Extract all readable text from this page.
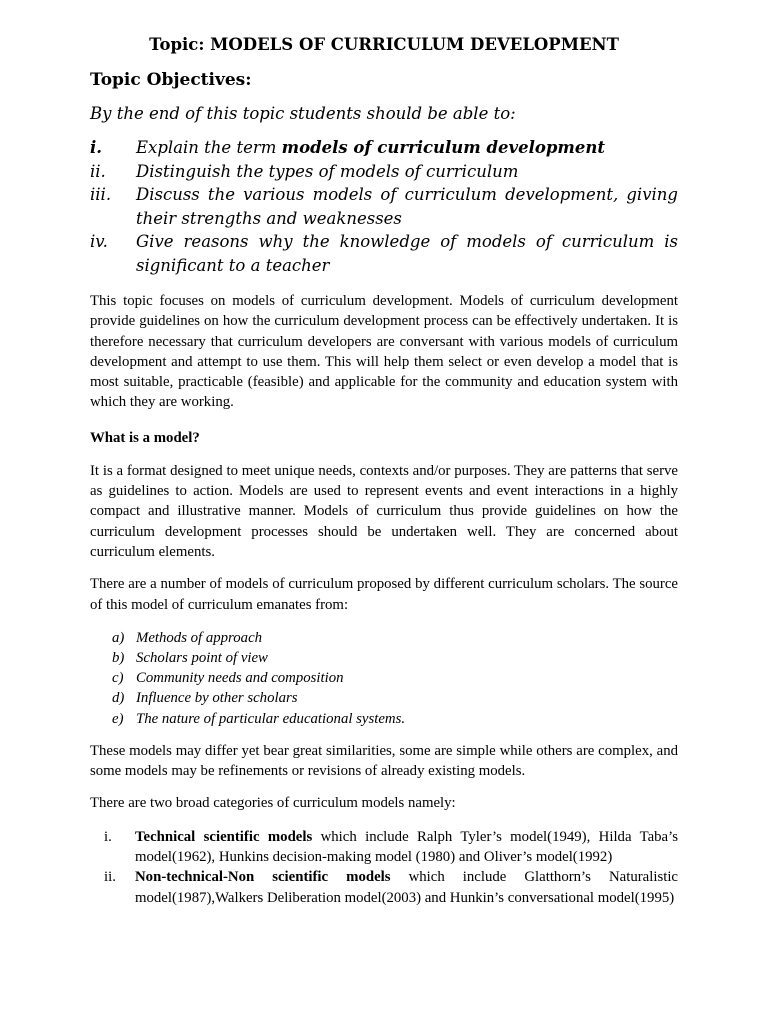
Topic: MODELS OF CURRICULUM DEVELOPMENT
Topic Objectives:

By the end of this topic students should be able to:

i.	Explain the term models of curriculum development
ii.	Distinguish the types of models of curriculum
iii.	Discuss the various models of curriculum development, giving their strengths and weaknesses
iv.	Give reasons why the knowledge of models of curriculum is significant to a teacher

This topic focuses on models of curriculum development. Models of curriculum development provide guidelines on how the curriculum development process can be effectively undertaken. It is therefore necessary that curriculum developers are conversant with various models of curriculum development and attempt to use them. This will help them select or even develop a model that is most suitable, practicable (feasible) and applicable for the community and education system with which they are working.

What is a model?

It is a format designed to meet unique needs, contexts and/or purposes. They are patterns that serve as guidelines to action. Models are used to represent events and event interactions in a highly compact and illustrative manner. Models of curriculum thus provide guidelines on how the curriculum development processes should be undertaken well. They are concerned about curriculum elements.

There are a number of models of curriculum proposed by different curriculum scholars. The source of this model of curriculum emanates from:

a) Methods of approach
b) Scholars point of view
c) Community needs and composition
d) Influence by other scholars
e) The nature of particular educational systems.

These models may differ yet bear great similarities, some are simple while others are complex, and some models may be refinements or revisions of already existing models.

There are two broad categories of curriculum models namely:

i. Technical scientific models which include Ralph Tyler’s model(1949), Hilda Taba’s model(1962), Hunkins decision-making model (1980) and Oliver’s model(1992)
ii. Non-technical-Non scientific models which include Glatthorn’s Naturalistic model(1987),Walkers Deliberation model(2003) and Hunkin’s conversational model(1995)
